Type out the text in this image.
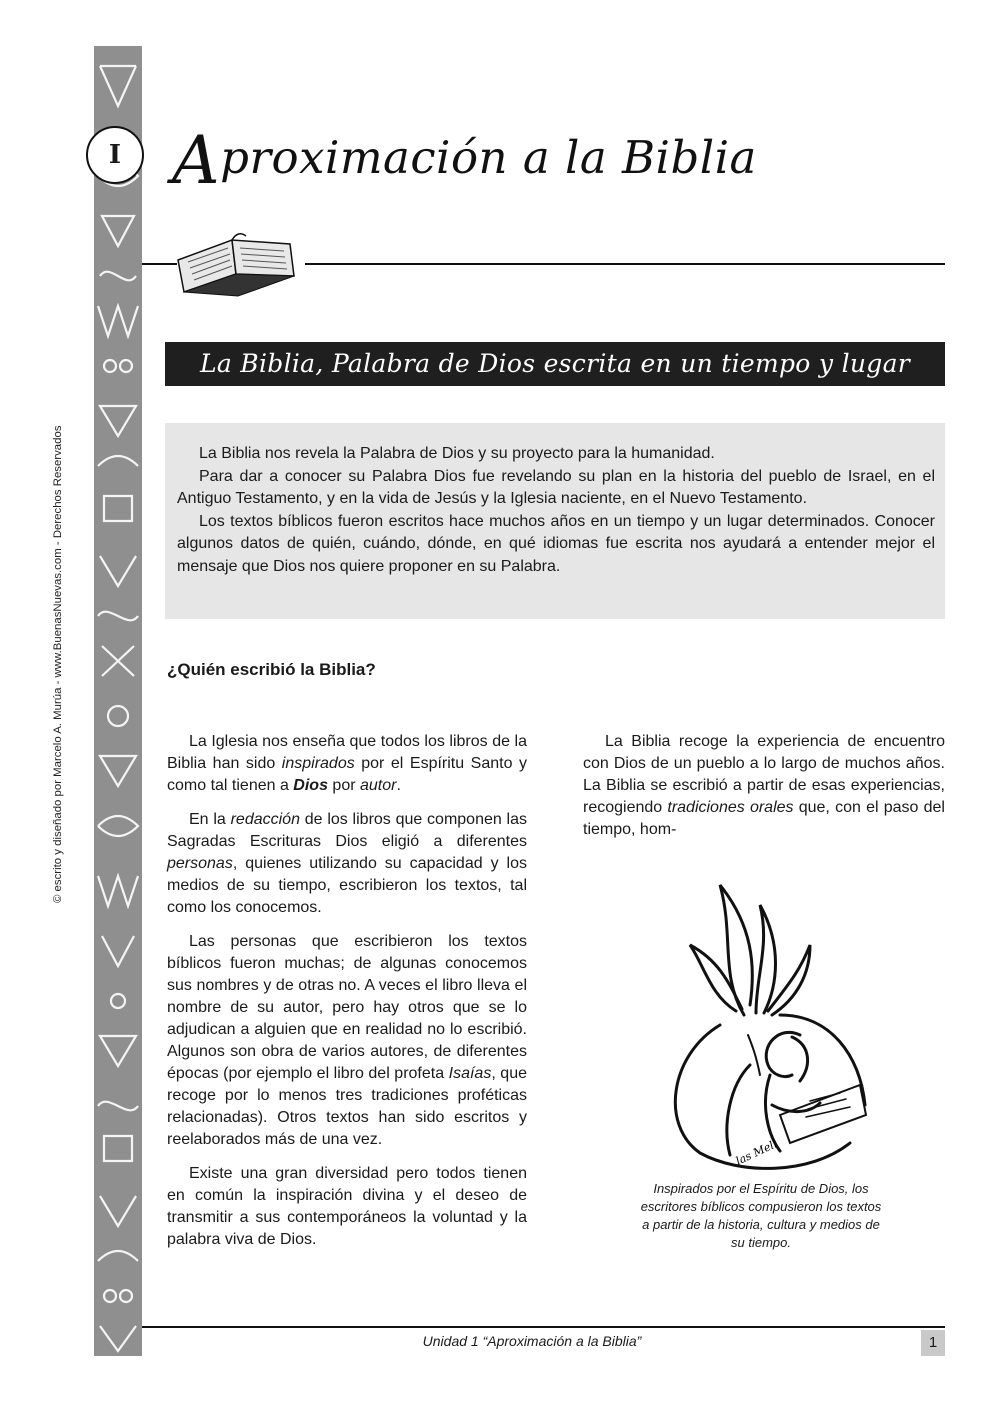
© escrito y diseñado por Marcelo A. Murúa - www.BuenasNuevas.com - Derechos Reservados
I Aproximación a la Biblia
La Biblia, Palabra de Dios escrita en un tiempo y lugar

La Biblia nos revela la Palabra de Dios y su proyecto para la humanidad.

Para dar a conocer su Palabra Dios fue revelando su plan en la historia del pueblo de Israel, en el Antiguo Testamento, y en la vida de Jesús y la Iglesia naciente, en el Nuevo Testamento.

Los textos bíblicos fueron escritos hace muchos años en un tiempo y un lugar determinados. Conocer algunos datos de quién, cuándo, dónde, en qué idiomas fue escrita nos ayudará a entender mejor el mensaje que Dios nos quiere proponer en su Palabra.

¿Quién escribió la Biblia?

La Iglesia nos enseña que todos los libros de la Biblia han sido inspirados por el Espíritu Santo y como tal tienen a Dios por autor.

En la redacción de los libros que componen las Sagradas Escrituras Dios eligió a diferentes personas, quienes utilizando su capacidad y los medios de su tiempo, escribieron los textos, tal como los conocemos.

Las personas que escribieron los textos bíblicos fueron muchas; de algunas conocemos sus nombres y de otras no. A veces el libro lleva el nombre de su autor, pero hay otros que se lo adjudican a alguien que en realidad no lo escribió. Algunos son obra de varios autores, de diferentes épocas (por ejemplo el libro del profeta Isaías, que recoge por lo menos tres tradiciones proféticas relacionadas). Otros textos han sido escritos y reelaborados más de una vez.

Existe una gran diversidad pero todos tienen en común la inspiración divina y el deseo de transmitir a sus contemporáneos la voluntad y la palabra viva de Dios.

La Biblia recoge la experiencia de encuentro con Dios de un pueblo a lo largo de muchos años. La Biblia se escribió a partir de esas experiencias, recogiendo tradiciones orales que, con el paso del tiempo, hom-

las Mell
Inspirados por el Espíritu de Dios, los escritores bíblicos compusieron los textos a partir de la historia, cultura y medios de su tiempo.
Unidad 1 “Aproximación a la Biblia”	1
